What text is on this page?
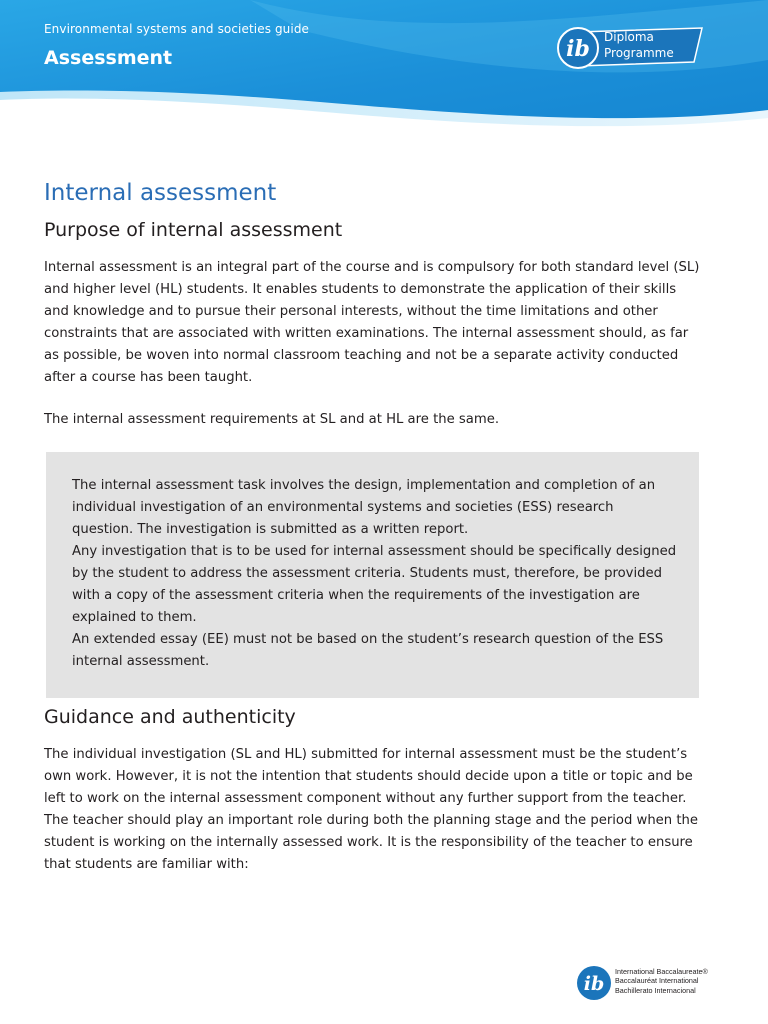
Environmental systems and societies guide
Assessment	ib Diploma
Programme
Internal assessment
Purpose of internal assessment

Internal assessment is an integral part of the course and is compulsory for both standard level (SL) and higher level (HL) students. It enables students to demonstrate the application of their skills and knowledge and to pursue their personal interests, without the time limitations and other constraints that are associated with written examinations. The internal assessment should, as far as possible, be woven into normal classroom teaching and not be a separate activity conducted after a course has been taught.

The internal assessment requirements at SL and at HL are the same.

The internal assessment task involves the design, implementation and completion of an individual investigation of an environmental systems and societies (ESS) research question. The investigation is submitted as a written report.

Any investigation that is to be used for internal assessment should be specifically designed by the student to address the assessment criteria. Students must, therefore, be provided with a copy of the assessment criteria when the requirements of the investigation are explained to them.

An extended essay (EE) must not be based on the student’s research question of the ESS internal assessment.

Guidance and authenticity

The individual investigation (SL and HL) submitted for internal assessment must be the student’s own work. However, it is not the intention that students should decide upon a title or topic and be left to work on the internal assessment component without any further support from the teacher. The teacher should play an important role during both the planning stage and the period when the student is working on the internally assessed work. It is the responsibility of the teacher to ensure that students are familiar with:

ib
International Baccalaureate®
Baccalauréat International
Bachillerato Internacional
